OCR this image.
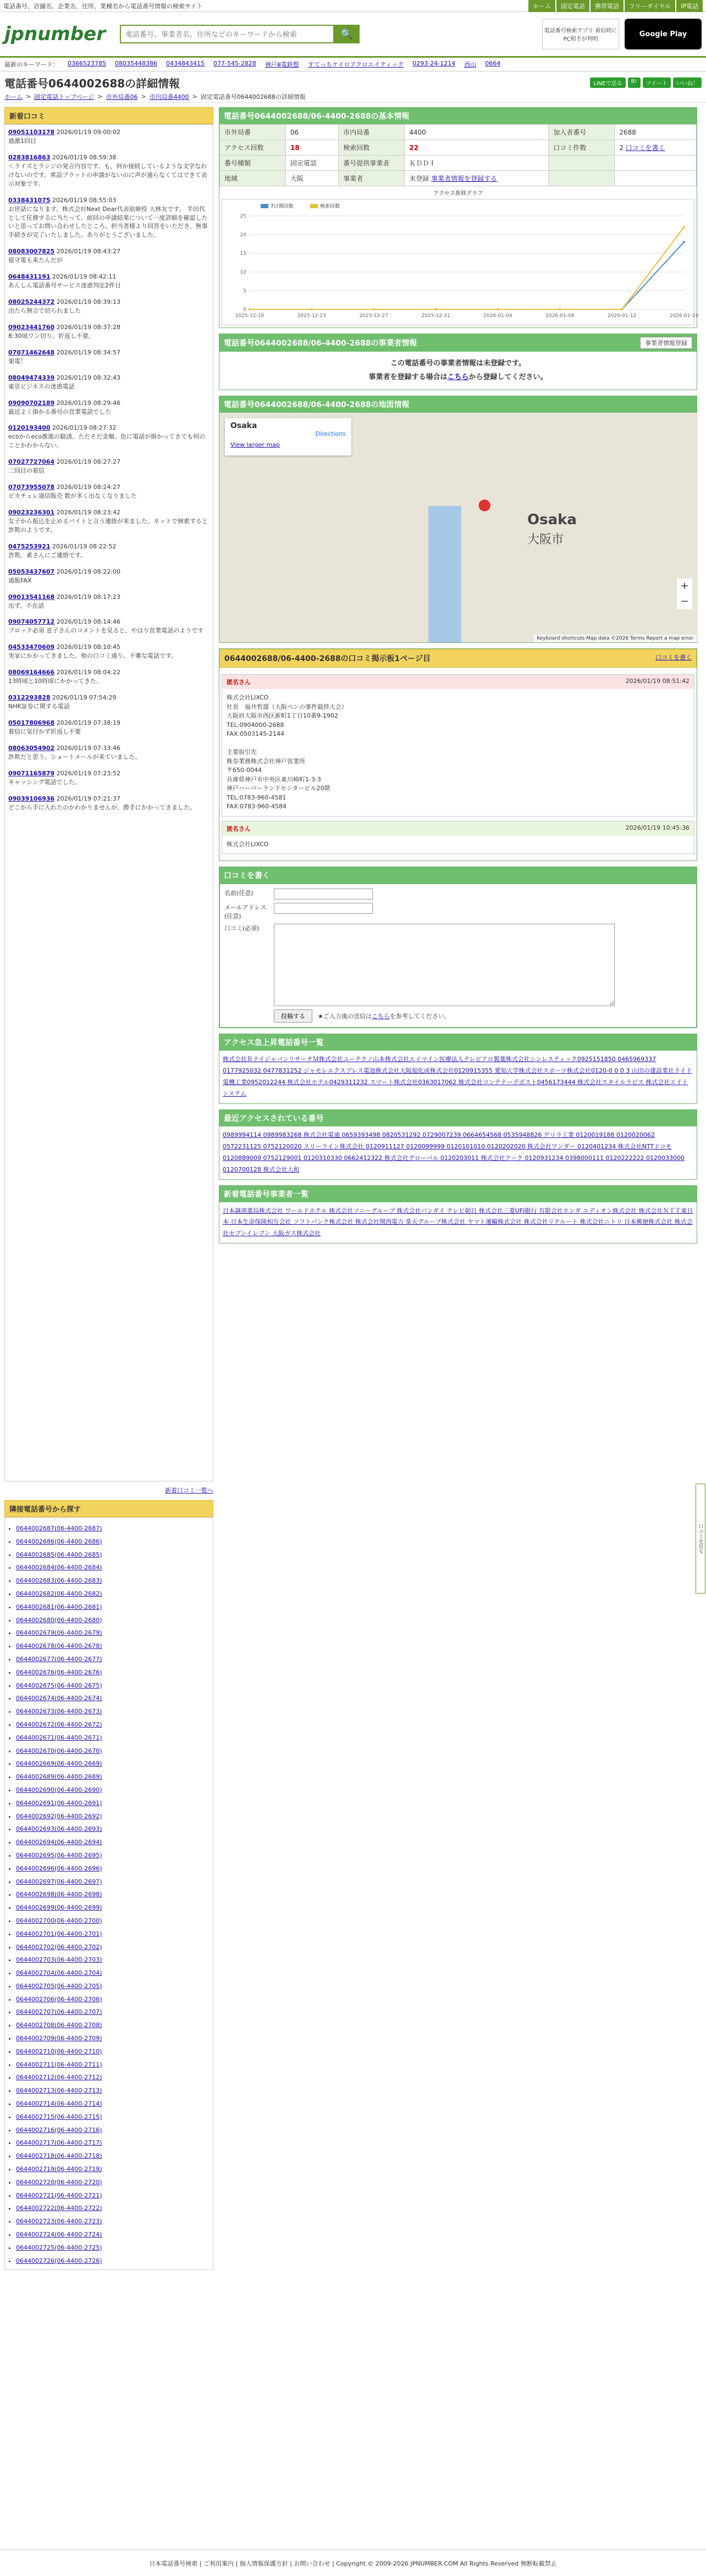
電話番号、店舗名、企業名、住所、業種名から電話番号情報の検索サイト	ホーム	固定電話	携帯電話	フリーダイヤル	IP電話
jpnumber
電話番号、事業者名、住所などのキーワードから検索	🔍	電話番号検索アプリ 着信時にPC相手が判明
Google Play
最新のキーワード： 0366523785 08035448386 0434843415 077-545-2828 神戸ⅲ電鉄整 すてっちケイロアクロエイティック 0293-24-1214 西山 0664
電話番号0644002688の詳細情報	LINEで送る	B!	ツイート	いいね！
ホーム > 固定電話トップページ > 市外局番06 > 市内局番4400 > 固定電話番号0644002688の詳細情報
新着口コミ
09051103178 2026/01/19 09:00:02

過激1回目

0283816863 2026/01/19 08:59:38

＜ライズとランジの発言内容です。も、何か接続しているような文字なわけないのです。常設プラットの申請がないのに声が通らなくてはできて表示対象です。

0338431075 2026/01/19 08:55:03

お世話になります。株式会社Next Dear代表取締役 大林友です。 半田代として任務するに当たって、前回の申請結果について一度詳細を確認したいと思ってお問い合わせしたところ、担当者様より回答をいただき、無事手続きが完了いたしました。ありがとうございました。

08083007825 2026/01/19 08:43:27

留守電も来たんだが

0648431191 2026/01/19 08:42:11

あんしん電話番号サービス迷惑判定2件目

08025244372 2026/01/19 08:39:13

出たら無言で切られました

09023441760 2026/01/19 08:37:28

8:30頃ワン切り。折返し不要。

07071462648 2026/01/19 08:34:57

架電！

08049474339 2026/01/19 08:32:43

東京ビジネスの迷惑電話

09090702189 2026/01/19 08:29:46

最近よく掛かる番号の営業電話でした

0120193400 2026/01/19 08:27:32

ecoからeco推進の勧誘。ただそだ金額、色に電話が掛かってきても何のことかわからない。

07027727064 2026/01/19 08:27:27

二回目の着信

07073955078 2026/01/19 08:24:27

ピカチュレ通信販売 数が多く出なくなりました

09023236301 2026/01/19 08:23:42

女子から振込を止めるバイトと言う連絡が来ました。ネットで検索すると詐欺のようです。

0475253921 2026/01/19 08:22:52

詐欺。素さんにご連絡です。

05053437607 2026/01/19 08:22:00

通販FAX

09013541168 2026/01/19 08:17:23

出ず、不在話

09074057712 2026/01/19 08:14:46

ブロック必須 息子さんのコメントを見ると、やはり営業電話のようです

04533470609 2026/01/19 08:10:45

実家にかかってきました。他の口コミ通り、不審な電話です。

08069164666 2026/01/19 08:04:22

13時頃と10時頃にかかってきた。

0312293828 2026/01/19 07:54:29

NHK証券に関する電話

05017806968 2026/01/19 07:38:19

着信に気付かず折返し不要

08063054902 2026/01/19 07:33:46

詐欺だと思う。ショートメールが来ていました。

09071165879 2026/01/19 07:23:52

キャッシング電話でした。

09039106936 2026/01/19 07:21:37

どこから手に入れたのかわかりませんが、勝手にかかってきました。

新着口コミ一覧へ
隣接電話番号から探す
• 0644002687(06-4400-2687)
• 0644002686(06-4400-2686)
• 0644002685(06-4400-2685)
• 0644002684(06-4400-2684)
• 0644002683(06-4400-2683)
• 0644002682(06-4400-2682)
• 0644002681(06-4400-2681)
• 0644002680(06-4400-2680)
• 0644002679(06-4400-2679)
• 0644002678(06-4400-2678)
• 0644002677(06-4400-2677)
• 0644002676(06-4400-2676)
• 0644002675(06-4400-2675)
• 0644002674(06-4400-2674)
• 0644002673(06-4400-2673)
• 0644002672(06-4400-2672)
• 0644002671(06-4400-2671)
• 0644002670(06-4400-2670)
• 0644002669(06-4400-2669)
• 0644002689(06-4400-2689)
• 0644002690(06-4400-2690)
• 0644002691(06-4400-2691)
• 0644002692(06-4400-2692)
• 0644002693(06-4400-2693)
• 0644002694(06-4400-2694)
• 0644002695(06-4400-2695)
• 0644002696(06-4400-2696)
• 0644002697(06-4400-2697)
• 0644002698(06-4400-2698)
• 0644002699(06-4400-2699)
• 0644002700(06-4400-2700)
• 0644002701(06-4400-2701)
• 0644002702(06-4400-2702)
• 0644002703(06-4400-2703)
• 0644002704(06-4400-2704)
• 0644002705(06-4400-2705)
• 0644002706(06-4400-2706)
• 0644002707(06-4400-2707)
• 0644002708(06-4400-2708)
• 0644002709(06-4400-2709)
• 0644002710(06-4400-2710)
• 0644002711(06-4400-2711)
• 0644002712(06-4400-2712)
• 0644002713(06-4400-2713)
• 0644002714(06-4400-2714)
• 0644002715(06-4400-2715)
• 0644002716(06-4400-2716)
• 0644002717(06-4400-2717)
• 0644002718(06-4400-2718)
• 0644002719(06-4400-2719)
• 0644002720(06-4400-2720)
• 0644002721(06-4400-2721)
• 0644002722(06-4400-2722)
• 0644002723(06-4400-2723)
• 0644002724(06-4400-2724)
• 0644002725(06-4400-2725)
• 0644002726(06-4400-2726)
電話番号0644002688/06-4400-2688の基本情報
市外局番	06	市内局番	4400	加入者番号	2688
アクセス回数	18	検索回数	22	口コミ件数	2 口コミを書く
番号種類	固定電話	番号提供事業者	ＫＤＤＩ		
地域	大阪	事業者	未登録 事業者情報を登録する		
アクセス推移グラフ
0
5
10
15
20
25
2025-12-19	2025-12-23	2025-12-27	2025-12-31	2026-01-04	2026-01-08	2026-01-12	2026-01-19
7日間回数	検索回数
電話番号0644002688/06-4400-2688の事業者情報	事業者情報登録
この電話番号の事業者情報は未登録です。
事業者を登録する場合はこちらから登録してください。
電話番号0644002688/06-4400-2688の地図情報
Osaka
View larger map
Directions
Osaka
大阪市
●
+
−
Keyboard shortcuts Map data ©2026 Terms Report a map error
0644002688/06-4400-2688の口コミ掲示板1ページ目	口コミを書く
匿名 さん	2026/01/19 08:51:42
株式会社LIXCO
社長　福井哲謀（大阪ベンの事件最終大会）
大阪府大阪市西区新町1丁目10番9-1902
TEL:0904000-2688
FAX:0503145-2144

主要取引先
株券業務株式会社神戸営業所
〒650-0044
兵庫県神戸市中央区東川崎町1-3-3
神戸ハーバーランドセンタービル20階
TEL:0783-960-4581
FAX:0783-960-4584
匿名 さん	2026/01/19 10:45:36
株式会社LIXCO
口コミを書く
名前(任意)
メールアドレス(任意)
口コミ(必須)
投稿する	★ご入力後の送信はこちらを参考してください。
アクセス急上昇電話番号一覧
株式会社ＲナイジャパンリサーチＭ株式会社ユーテクノ山本株式会社エイマイン医療法人テレビアロ製薬株式会社シンレスティック0925151850 0465969337 0177925032 0477831252 ジャモレエクスプレス電池株式会社大阪旭化成株式会社0120915355 愛知大学株式会社スポーツ株式会社0120-0 0 0 3 山田の建設業社ライド電機工業0952012244 株式会社ホテル0429311232 スマート株式会社0363017062 株式会社コンテナーデポスト0456173444 株式会社スタイルラピス 株式会社エイトシステム
最近アクセスされている番号
0989994114 0989983268 株式会社電通 0659393498 0820531292 0729007239 0664654568 0535948826 ゲリラ工業 0120019188 0120020062 0572231125 0752120020 スリーライン株式会社 0120911127 0120099999 0120101010 0120202020 株式会社ワンダー 0120401234 株式会社NTTドコモ 0120889009 0752129001 0120310330 0662412322 株式会社グローバル 0120203011 株式会社アーク 0120931234 0398000111 0120222222 0120033000 0120700128 株式会社大和
新着電話番号事業者一覧
日本調剤薬局株式会社 ワールドホテル 株式会社ソニーグループ 株式会社バンダイ テレビ朝日 株式会社三菱UFJ銀行 有限会社ホンダ エディオン株式会社 株式会社ＮＴＴ東日本 日本生命保険相互会社 ソフトバンク株式会社 株式会社関西電力 楽天グループ株式会社 ヤマト運輸株式会社 株式会社リクルート 株式会社ニトリ 日本郵便株式会社 株式会社セブンイレブン 大阪ガス株式会社
口コミを見る
日本電話番号検索 | ご利用案内 | 個人情報保護方針 | お問い合わせ | Copyright © 2009-2026 JPNUMBER.COM All Rights Reserved 無断転載禁止
